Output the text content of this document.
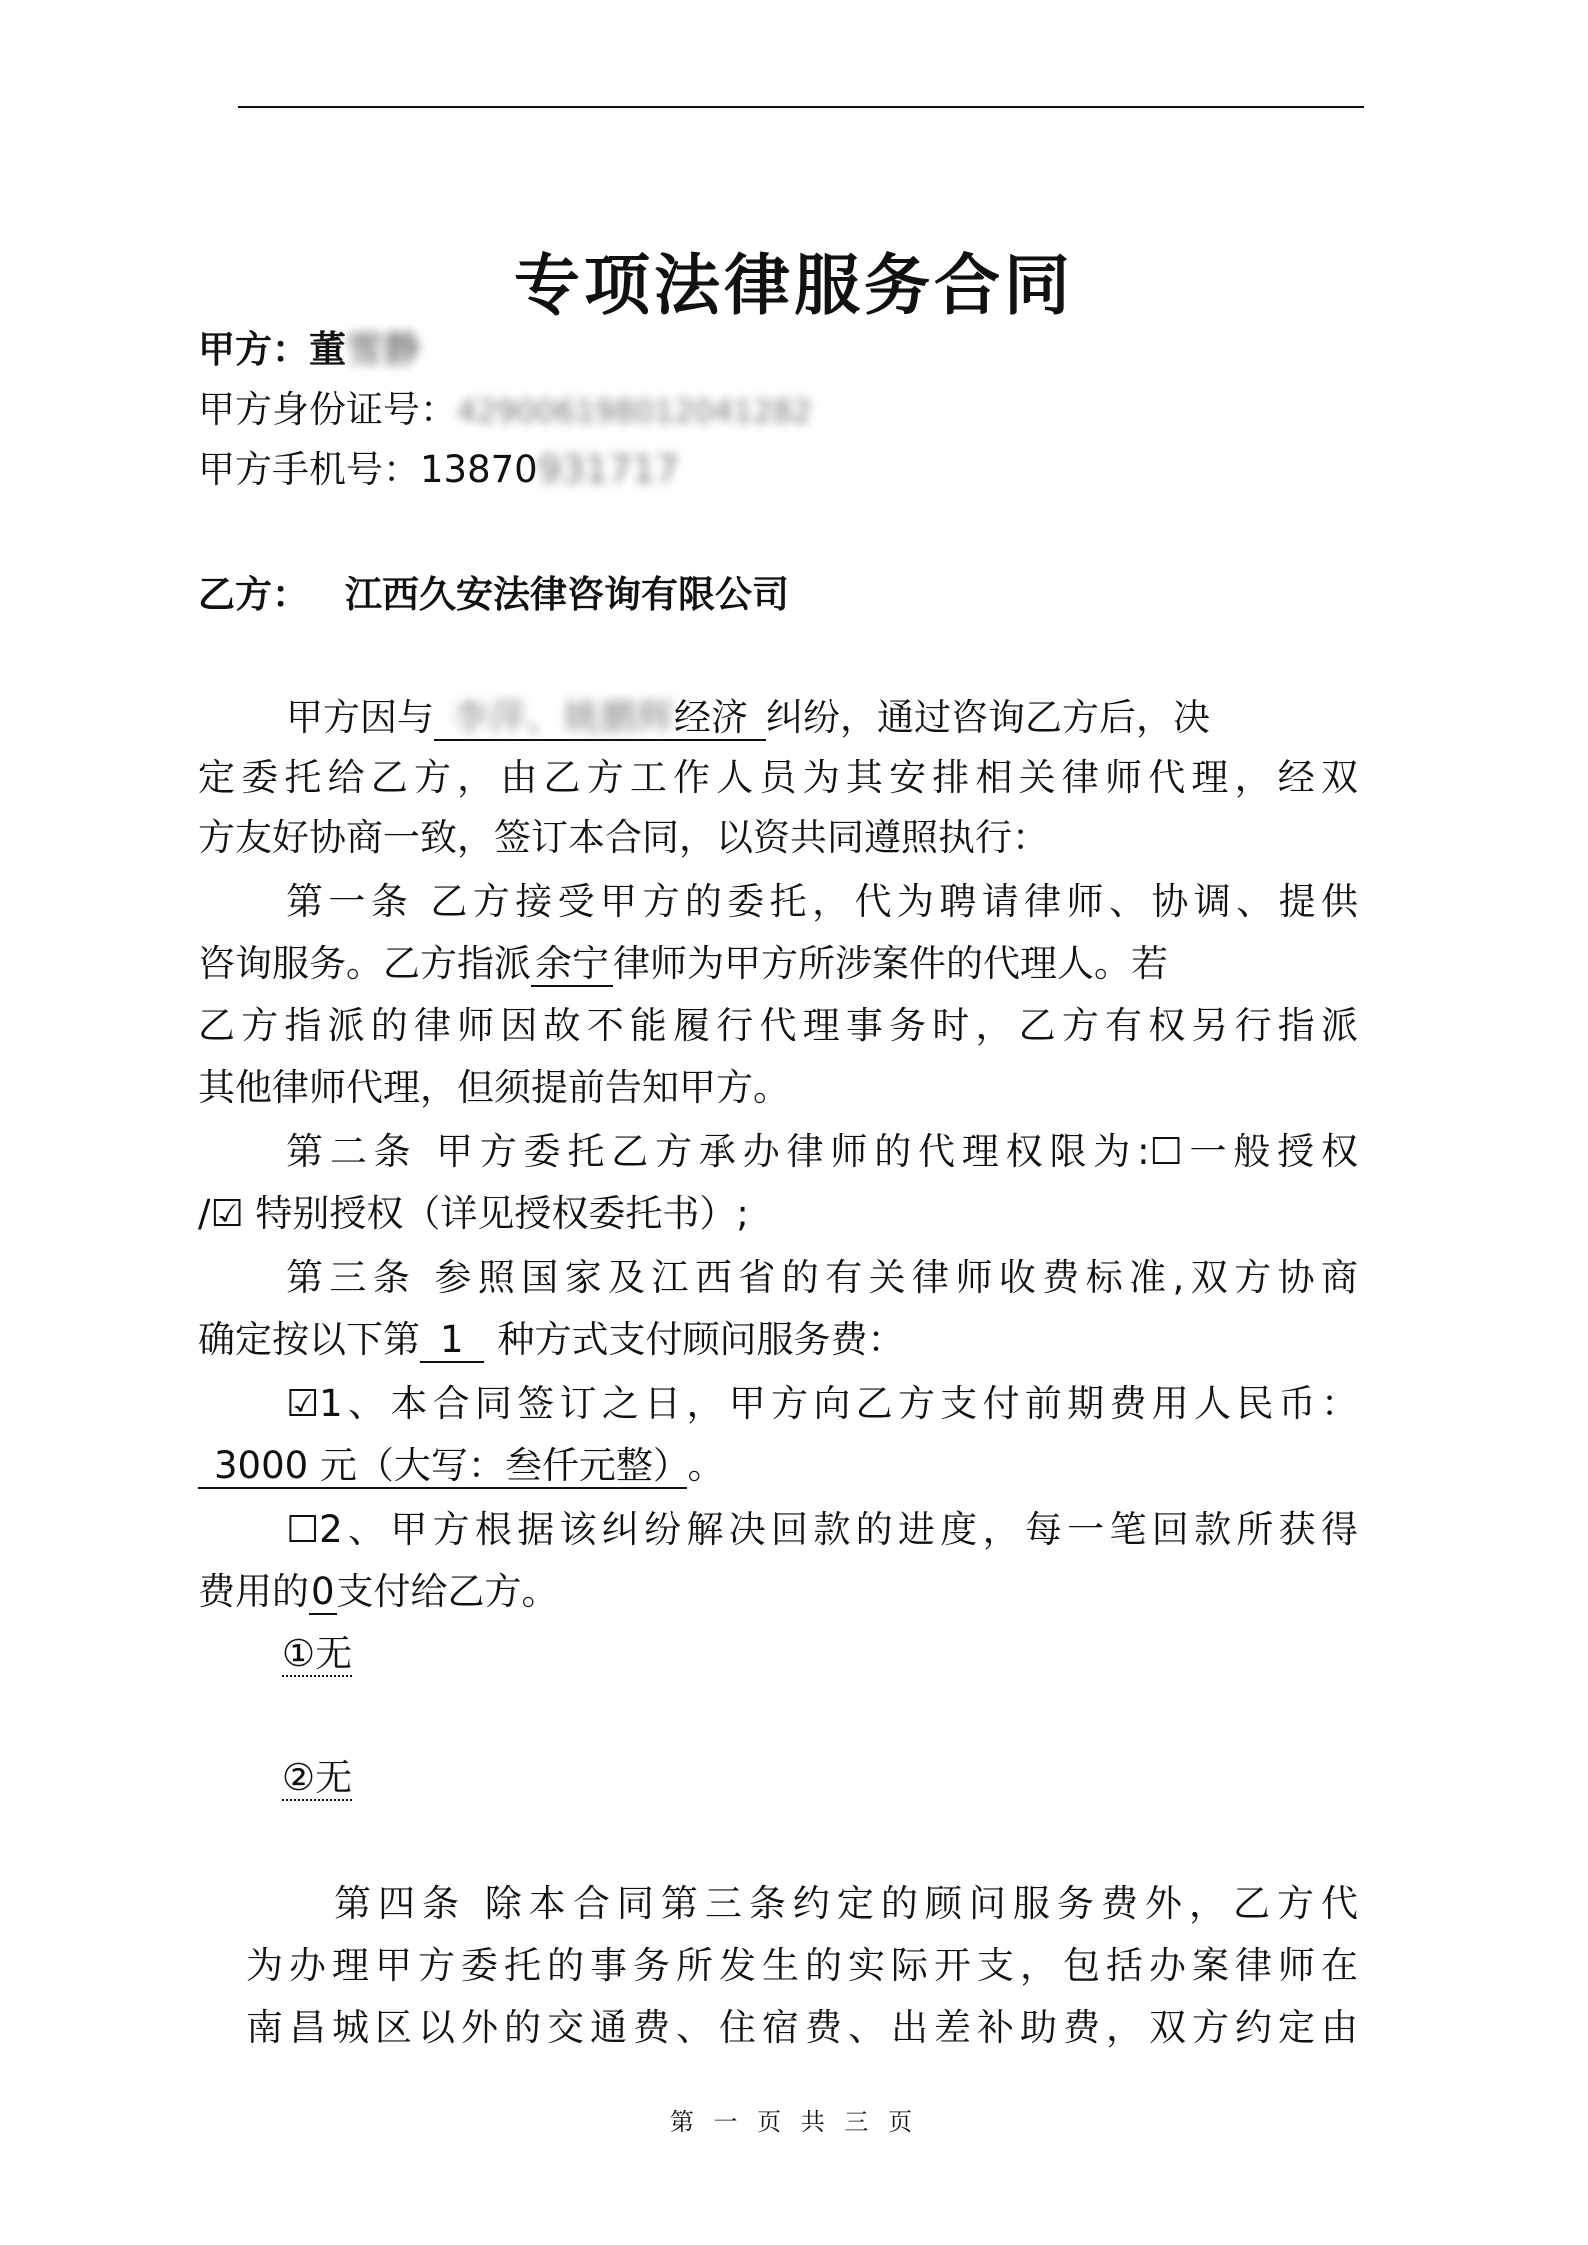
专项法律服务合同
甲方：董雪静
甲方身份证号：429006198012041282
甲方手机号：13870931717
乙方： 江西久安法律咨询有限公司
甲方因与 李萍、姚鹏辉经济 纠纷，通过咨询乙方后，决
定委托给乙方，由乙方工作人员为其安排相关律师代理，经双
方友好协商一致，签订本合同，以资共同遵照执行：
第一条 乙方接受甲方的委托，代为聘请律师、协调、提供
咨询服务。乙方指派 余宁 律师为甲方所涉案件的代理人。若
乙方指派的律师因故不能履行代理事务时，乙方有权另行指派
其他律师代理，但须提前告知甲方。
第二条 甲方委托乙方承办律师的代理权限为:☐一般授权
/☑ 特别授权（详见授权委托书）;
第三条 参照国家及江西省的有关律师收费标准,双方协商
确定按以下第 1 种方式支付顾问服务费：
☑1、本合同签订之日，甲方向乙方支付前期费用人民币：
3000 元（大写：叁仟元整） 。
☐2、甲方根据该纠纷解决回款的进度，每一笔回款所获得
费用的0支付给乙方。
①无
②无
第四条 除本合同第三条约定的顾问服务费外，乙方代
为办理甲方委托的事务所发生的实际开支，包括办案律师在
南昌城区以外的交通费、住宿费、出差补助费，双方约定由
第 一 页 共 三 页
